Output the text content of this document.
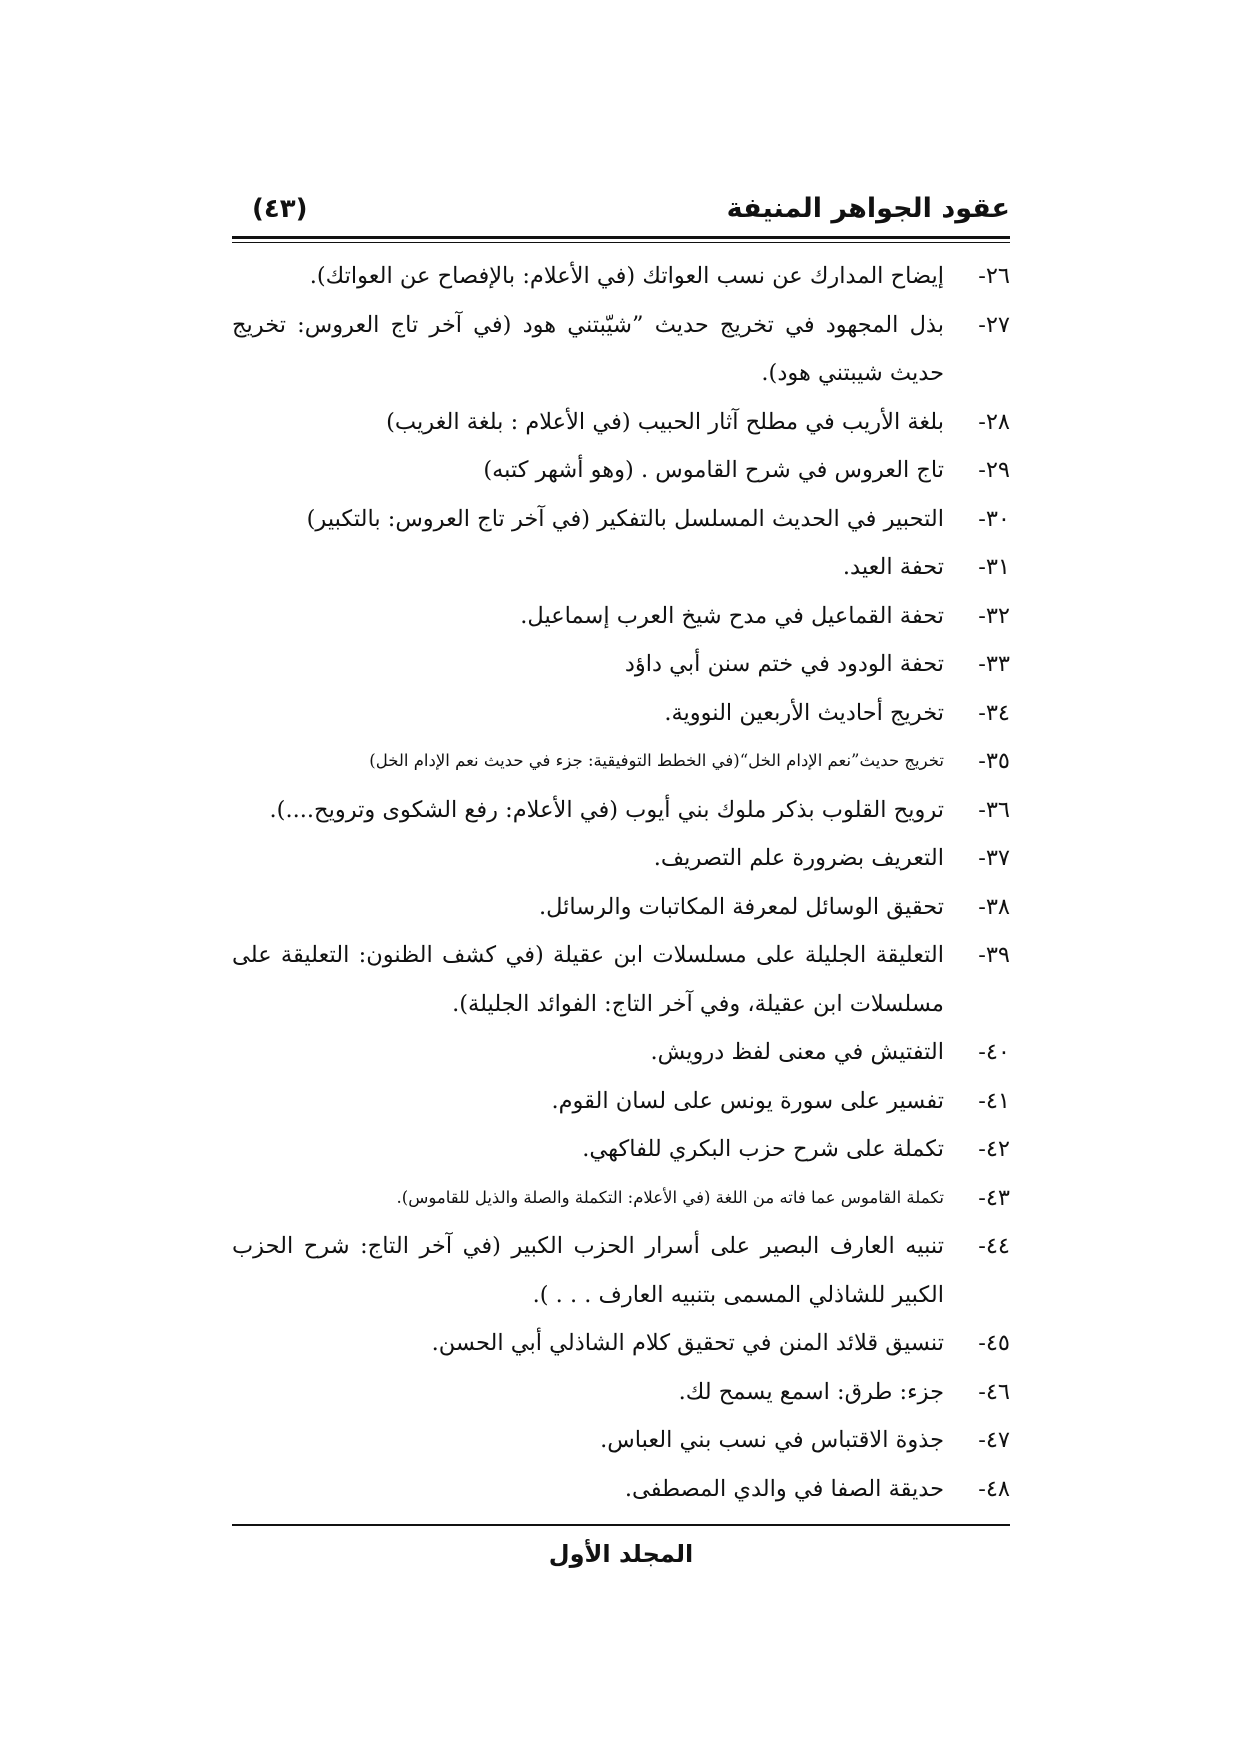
عقود الجواهر المنيفة
(٤٣)
٢٦-
إيضاح المدارك عن نسب العواتك (في الأعلام: بالإفصاح عن العواتك).
٢٧-
بذل المجهود في تخريج حديث ”شيّبتني هود (في آخر تاج العروس: تخريج حديث شيبتني هود).
٢٨-
بلغة الأريب في مطلح آثار الحبيب (في الأعلام : بلغة الغريب)
٢٩-
تاج العروس في شرح القاموس . (وهو أشهر كتبه)
٣٠-
التحبير في الحديث المسلسل بالتفكير (في آخر تاج العروس: بالتكبير)
٣١-
تحفة العيد.
٣٢-
تحفة القماعيل في مدح شيخ العرب إسماعيل.
٣٣-
تحفة الودود في ختم سنن أبي داؤد
٣٤-
تخريج أحاديث الأربعين النووية.
٣٥-
تخريج حديث”نعم الإدام الخل“(في الخطط التوفيقية: جزء في حديث نعم الإدام الخل)
٣٦-
ترويح القلوب بذكر ملوك بني أيوب (في الأعلام: رفع الشكوى وترويح....).
٣٧-
التعريف بضرورة علم التصريف.
٣٨-
تحقيق الوسائل لمعرفة المكاتبات والرسائل.
٣٩-
التعليقة الجليلة على مسلسلات ابن عقيلة (في كشف الظنون: التعليقة على مسلسلات ابن عقيلة، وفي آخر التاج: الفوائد الجليلة).
٤٠-
التفتيش في معنى لفظ درويش.
٤١-
تفسير على سورة يونس على لسان القوم.
٤٢-
تكملة على شرح حزب البكري للفاكهي.
٤٣-
تكملة القاموس عما فاته من اللغة (في الأعلام: التكملة والصلة والذيل للقاموس).
٤٤-
تنبيه العارف البصير على أسرار الحزب الكبير (في آخر التاج: شرح الحزب الكبير للشاذلي المسمى بتنبيه العارف . . . ).
٤٥-
تنسيق قلائد المنن في تحقيق كلام الشاذلي أبي الحسن.
٤٦-
جزء: طرق: اسمع يسمح لك.
٤٧-
جذوة الاقتباس في نسب بني العباس.
٤٨-
حديقة الصفا في والدي المصطفى.
المجلد الأول
